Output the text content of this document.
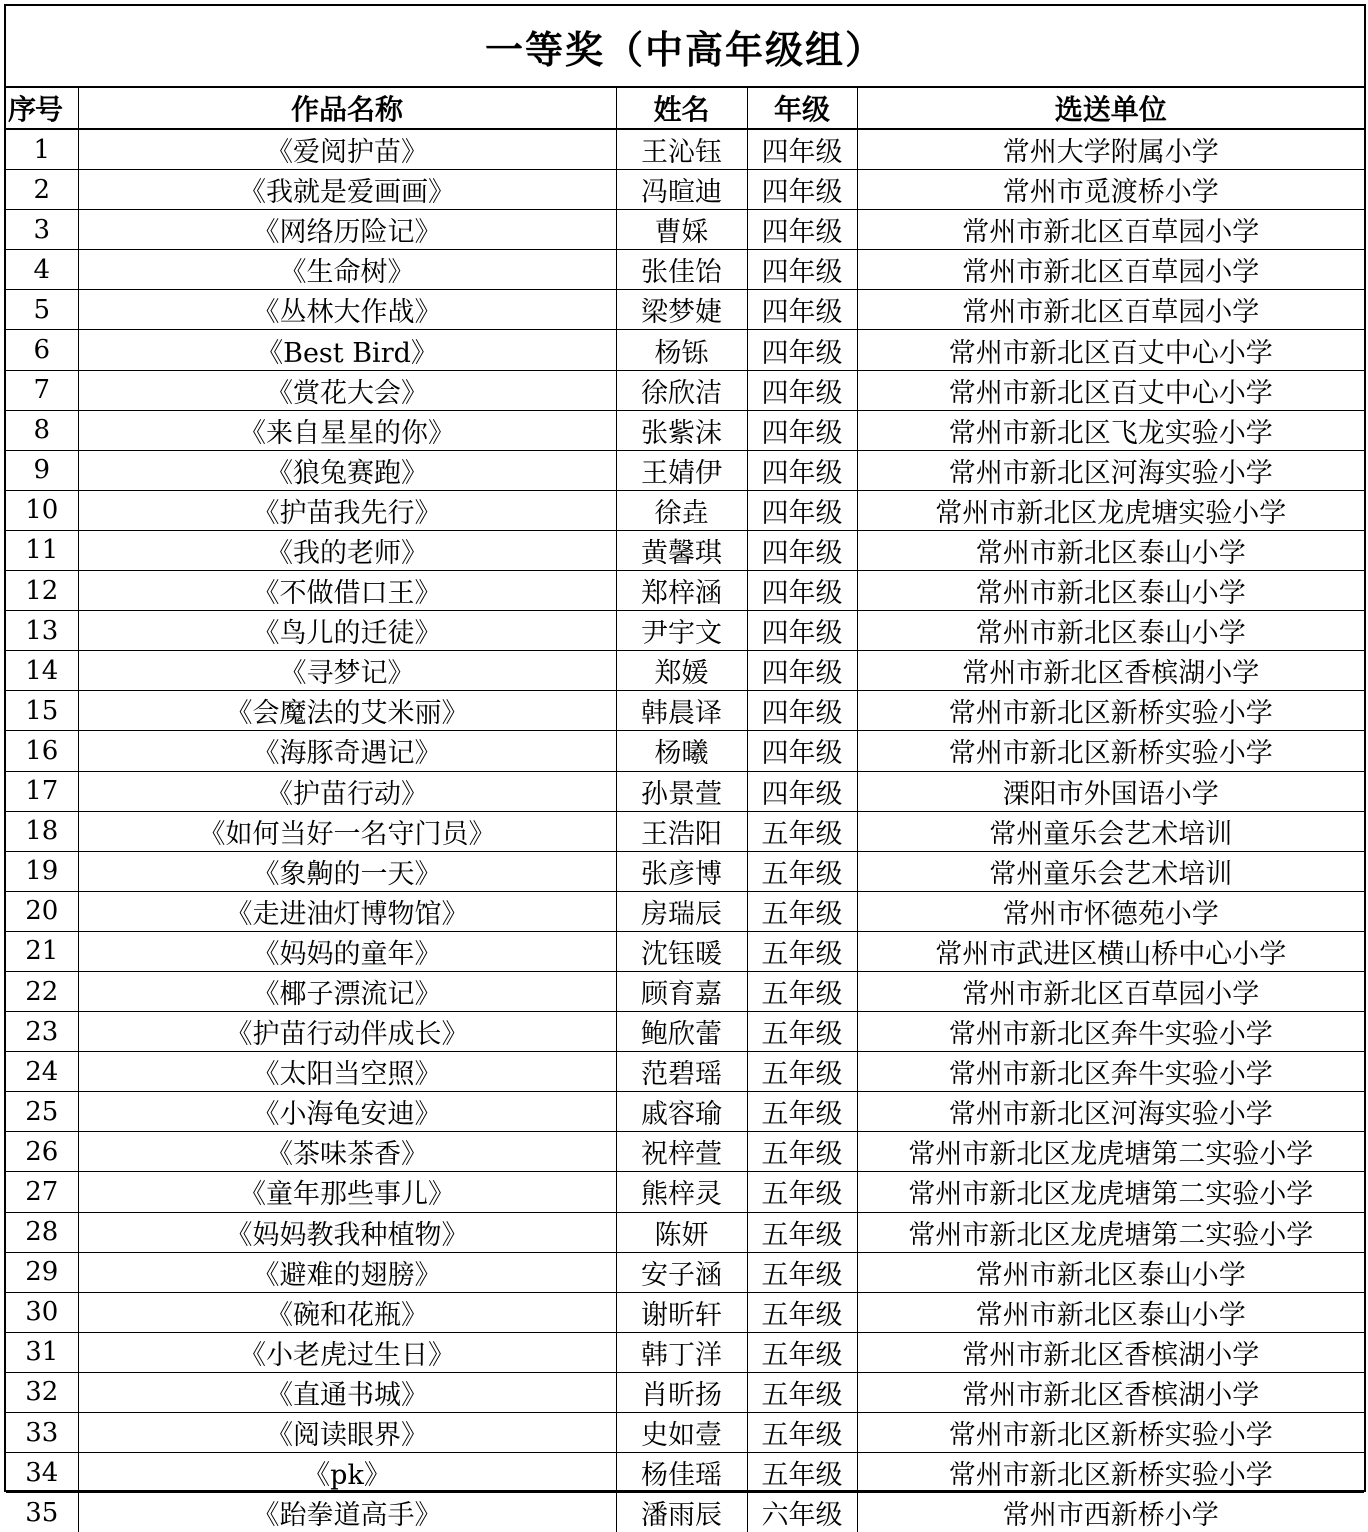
一等奖（中高年级组）
序号	作品名称	姓名	年级	选送单位
1	《爱阅护苗》	王沁钰	四年级	常州大学附属小学
2	《我就是爱画画》	冯暄迪	四年级	常州市觅渡桥小学
3	《网络历险记》	曹婇	四年级	常州市新北区百草园小学
4	《生命树》	张佳饴	四年级	常州市新北区百草园小学
5	《丛林大作战》	梁梦婕	四年级	常州市新北区百草园小学
6	《Best Bird》	杨铄	四年级	常州市新北区百丈中心小学
7	《赏花大会》	徐欣洁	四年级	常州市新北区百丈中心小学
8	《来自星星的你》	张紫沫	四年级	常州市新北区飞龙实验小学
9	《狼兔赛跑》	王婧伊	四年级	常州市新北区河海实验小学
10	《护苗我先行》	徐垚	四年级	常州市新北区龙虎塘实验小学
11	《我的老师》	黄馨琪	四年级	常州市新北区泰山小学
12	《不做借口王》	郑梓涵	四年级	常州市新北区泰山小学
13	《鸟儿的迁徒》	尹宇文	四年级	常州市新北区泰山小学
14	《寻梦记》	郑媛	四年级	常州市新北区香槟湖小学
15	《会魔法的艾米丽》	韩晨译	四年级	常州市新北区新桥实验小学
16	《海豚奇遇记》	杨曦	四年级	常州市新北区新桥实验小学
17	《护苗行动》	孙景萱	四年级	溧阳市外国语小学
18	《如何当好一名守门员》	王浩阳	五年级	常州童乐会艺术培训
19	《象齁的一天》	张彦博	五年级	常州童乐会艺术培训
20	《走进油灯博物馆》	房瑞辰	五年级	常州市怀德苑小学
21	《妈妈的童年》	沈钰暖	五年级	常州市武进区横山桥中心小学
22	《椰子漂流记》	顾育嘉	五年级	常州市新北区百草园小学
23	《护苗行动伴成长》	鲍欣蕾	五年级	常州市新北区奔牛实验小学
24	《太阳当空照》	范碧瑶	五年级	常州市新北区奔牛实验小学
25	《小海龟安迪》	戚容瑜	五年级	常州市新北区河海实验小学
26	《茶味茶香》	祝梓萱	五年级	常州市新北区龙虎塘第二实验小学
27	《童年那些事儿》	熊梓灵	五年级	常州市新北区龙虎塘第二实验小学
28	《妈妈教我种植物》	陈妍	五年级	常州市新北区龙虎塘第二实验小学
29	《避难的翅膀》	安子涵	五年级	常州市新北区泰山小学
30	《碗和花瓶》	谢昕轩	五年级	常州市新北区泰山小学
31	《小老虎过生日》	韩丁洋	五年级	常州市新北区香槟湖小学
32	《直通书城》	肖昕扬	五年级	常州市新北区香槟湖小学
33	《阅读眼界》	史如壹	五年级	常州市新北区新桥实验小学
34	《pk》	杨佳瑶	五年级	常州市新北区新桥实验小学
35	《跆拳道高手》	潘雨辰	六年级	常州市西新桥小学
